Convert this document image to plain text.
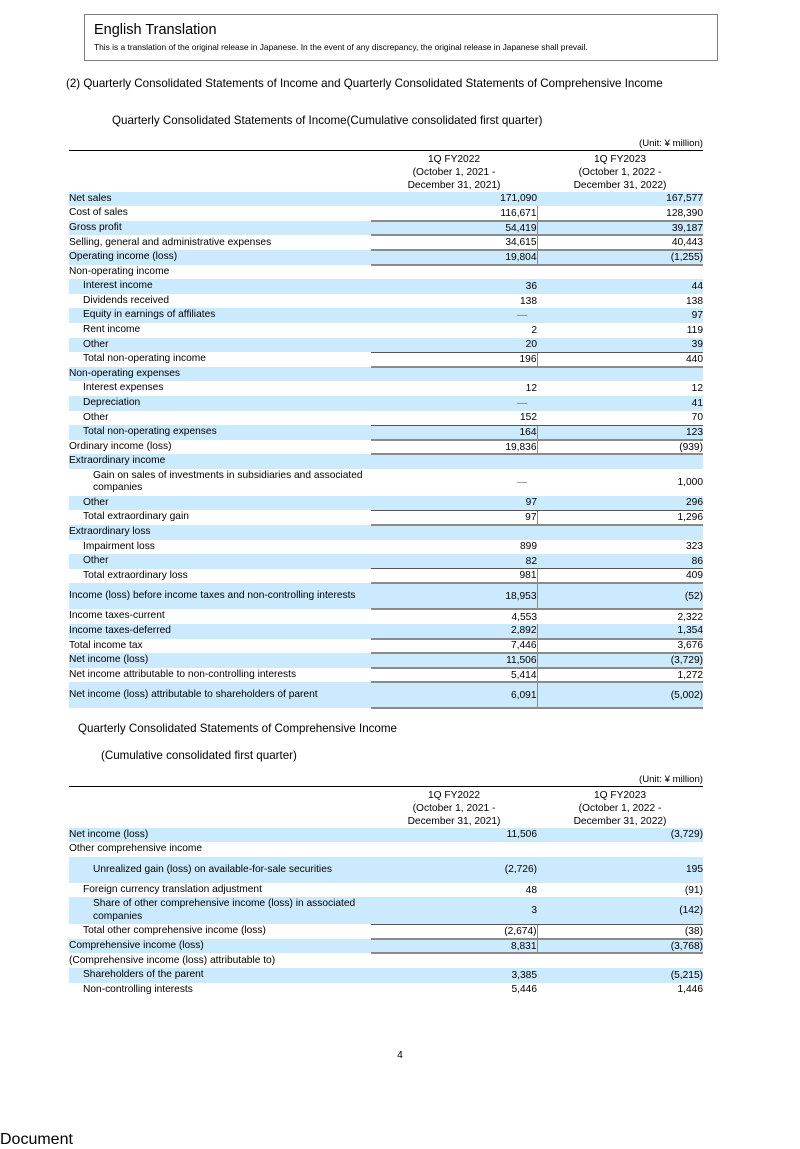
English Translation
This is a translation of the original release in Japanese. In the event of any discrepancy, the original release in Japanese shall prevail.
(2) Quarterly Consolidated Statements of Income and Quarterly Consolidated Statements of Comprehensive Income
Quarterly Consolidated Statements of Income(Cumulative consolidated first quarter)
(Unit: ¥ million)

1Q FY2022
(October 1, 2021 -
December 31, 2021)

1Q FY2023
(October 1, 2022 -
December 31, 2022)

Net sales	171,090	167,577
Cost of sales	116,671	128,390
Gross profit	54,419	39,187
Selling, general and administrative expenses	34,615	40,443
Operating income (loss)	19,804	(1,255)
Non-operating income		
Interest income	36	44
Dividends received	138	138
Equity in earnings of affiliates	—	97
Rent income	2	119
Other	20	39
Total non-operating income	196	440
Non-operating expenses		
Interest expenses	12	12
Depreciation	—	41
Other	152	70
Total non-operating expenses	164	123
Ordinary income (loss)	19,836	(939)
Extraordinary income		
Gain on sales of investments in subsidiaries and associated companies	—	1,000
Other	97	296
Total extraordinary gain	97	1,296
Extraordinary loss		
Impairment loss	899	323
Other	82	86
Total extraordinary loss	981	409
Income (loss) before income taxes and non-controlling interests	18,953	(52)
Income taxes-current	4,553	2,322
Income taxes-deferred	2,892	1,354
Total income tax	7,446	3,676
Net income (loss)	11,506	(3,729)
Net income attributable to non-controlling interests	5,414	1,272
Net income (loss) attributable to shareholders of parent	6,091	(5,002)
Quarterly Consolidated Statements of Comprehensive Income
(Cumulative consolidated first quarter)
(Unit: ¥ million)

1Q FY2022
(October 1, 2021 -
December 31, 2021)

1Q FY2023
(October 1, 2022 -
December 31, 2022)

Net income (loss)	11,506	(3,729)
Other comprehensive income		
Unrealized gain (loss) on available-for-sale securities	(2,726)	195
Foreign currency translation adjustment	48	(91)
Share of other comprehensive income (loss) in associated companies	3	(142)
Total other comprehensive income (loss)	(2,674)	(38)
Comprehensive income (loss)	8,831	(3,768)
(Comprehensive income (loss) attributable to)		
Shareholders of the parent	3,385	(5,215)
Non-controlling interests	5,446	1,446
4
Document
